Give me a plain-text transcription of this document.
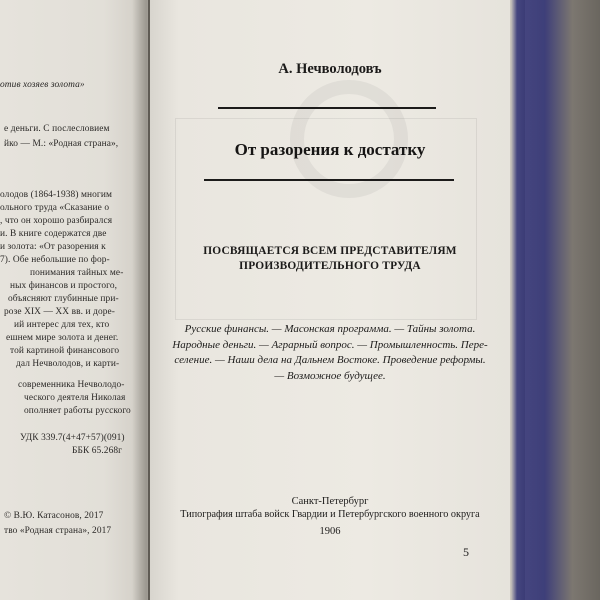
отив хозяев золота»
е деньги. С послесловием
йко — М.: «Родная страна»,
олодов (1864-1938) многим
ольного труда «Сказание о
, что он хорошо разбирался
и. В книге содержатся две
и золота: «От разорения к
7). Обе небольшие по фор-
понимания тайных ме-
ных финансов и простого,
объясняют глубинные при-
розе XIX — XX вв. и доре-
ий интерес для тех, кто
ешнем мире золота и денег.
той картиной финансового
дал Нечволодов, и карти-
современника Нечволодо-
ческого деятеля Николая
ополняет работы русского
УДК 339.7(4+47+57)(091)
ББК 65.268г
© В.Ю. Катасонов, 2017
тво «Родная страна», 2017
А. Нечволодовъ
От разорения к достатку
ПОСВЯЩАЕТСЯ ВСЕМ ПРЕДСТАВИТЕЛЯМ
ПРОИЗВОДИТЕЛЬНОГО ТРУДА
Русские финансы. — Масонская программа. — Тайны золота.
Народные деньги. — Аграрный вопрос. — Промышленность. Пере-
селение. — Наши дела на Дальнем Востоке. Проведение реформы.
— Возможное будущее.
Санкт-Петербург
Типография штаба войск Гвардии и Петербургского военного округа
1906
5
